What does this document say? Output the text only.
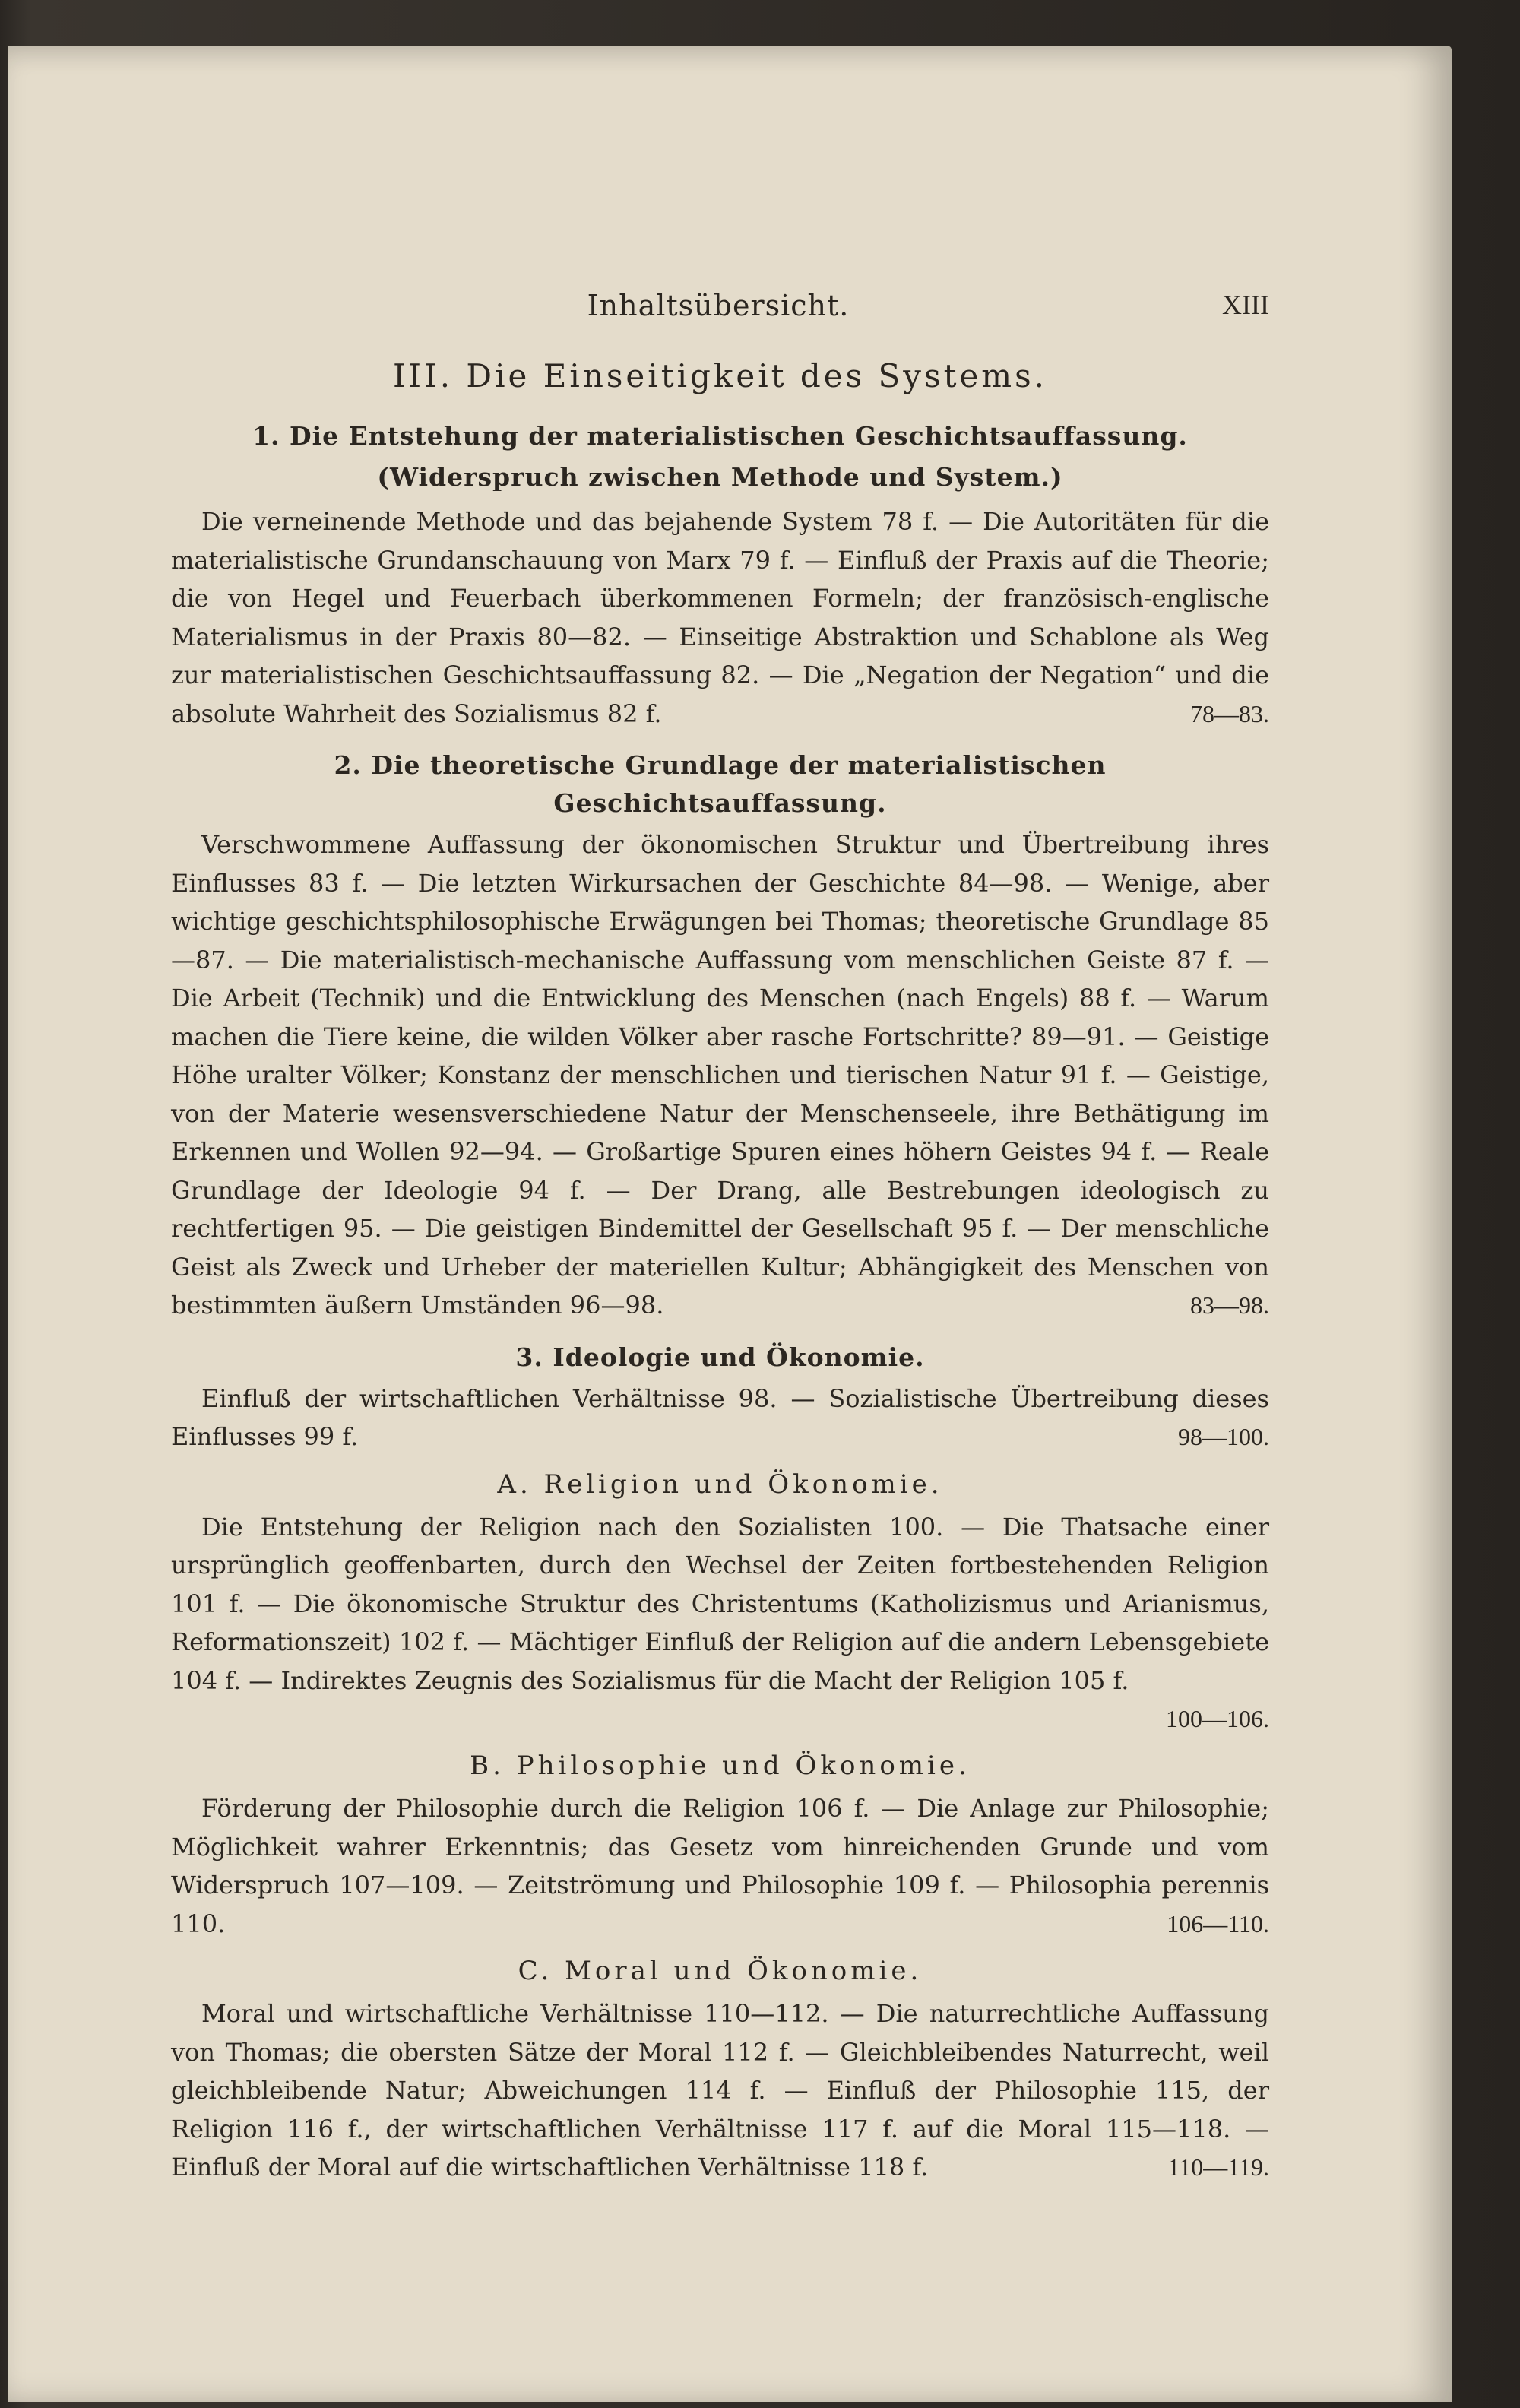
Inhaltsübersicht.	XIII
III. Die Einseitigkeit des Systems.
1. Die Entstehung der materialistischen Geschichtsauffassung.
(Widerspruch zwischen Methode und System.)

Die verneinende Methode und das bejahende System 78 f. — Die Autoritäten für die materialistische Grundanschauung von Marx 79 f. — Einfluß der Praxis auf die Theorie; die von Hegel und Feuerbach überkommenen Formeln; der französisch-englische Materialismus in der Praxis 80—82. — Einseitige Abstraktion und Schablone als Weg zur materialistischen Geschichtsauffassung 82. — Die „Negation der Negation“ und die absolute Wahrheit des Sozialismus 82 f.	78—83.

2. Die theoretische Grundlage der materialistischen Geschichtsauffassung.

Verschwommene Auffassung der ökonomischen Struktur und Übertreibung ihres Einflusses 83 f. — Die letzten Wirkursachen der Geschichte 84—98. — Wenige, aber wichtige geschichtsphilosophische Erwägungen bei Thomas; theoretische Grundlage 85—87. — Die materialistisch-mechanische Auffassung vom menschlichen Geiste 87 f. — Die Arbeit (Technik) und die Entwicklung des Menschen (nach Engels) 88 f. — Warum machen die Tiere keine, die wilden Völker aber rasche Fortschritte? 89—91. — Geistige Höhe uralter Völker; Konstanz der menschlichen und tierischen Natur 91 f. — Geistige, von der Materie wesensverschiedene Natur der Menschenseele, ihre Bethätigung im Erkennen und Wollen 92—94. — Großartige Spuren eines höhern Geistes 94 f. — Reale Grundlage der Ideologie 94 f. — Der Drang, alle Bestrebungen ideologisch zu rechtfertigen 95. — Die geistigen Bindemittel der Gesellschaft 95 f. — Der menschliche Geist als Zweck und Urheber der materiellen Kultur; Abhängigkeit des Menschen von bestimmten äußern Umständen 96—98.	83—98.

3. Ideologie und Ökonomie.

Einfluß der wirtschaftlichen Verhältnisse 98. — Sozialistische Übertreibung dieses Einflusses 99 f.	98—100.

A. Religion und Ökonomie.

Die Entstehung der Religion nach den Sozialisten 100. — Die Thatsache einer ursprünglich geoffenbarten, durch den Wechsel der Zeiten fortbestehenden Religion 101 f. — Die ökonomische Struktur des Christentums (Katholizismus und Arianismus, Reformationszeit) 102 f. — Mächtiger Einfluß der Religion auf die andern Lebensgebiete 104 f. — Indirektes Zeugnis des Sozialismus für die Macht der Religion 105 f.

100—106.

B. Philosophie und Ökonomie.

Förderung der Philosophie durch die Religion 106 f. — Die Anlage zur Philosophie; Möglichkeit wahrer Erkenntnis; das Gesetz vom hinreichenden Grunde und vom Widerspruch 107—109. — Zeitströmung und Philosophie 109 f. — Philosophia perennis 110.	106—110.

C. Moral und Ökonomie.

Moral und wirtschaftliche Verhältnisse 110—112. — Die naturrechtliche Auffassung von Thomas; die obersten Sätze der Moral 112 f. — Gleichbleibendes Naturrecht, weil gleichbleibende Natur; Abweichungen 114 f. — Einfluß der Philosophie 115, der Religion 116 f., der wirtschaftlichen Verhältnisse 117 f. auf die Moral 115—118. — Einfluß der Moral auf die wirtschaftlichen Verhältnisse 118 f.	110—119.
